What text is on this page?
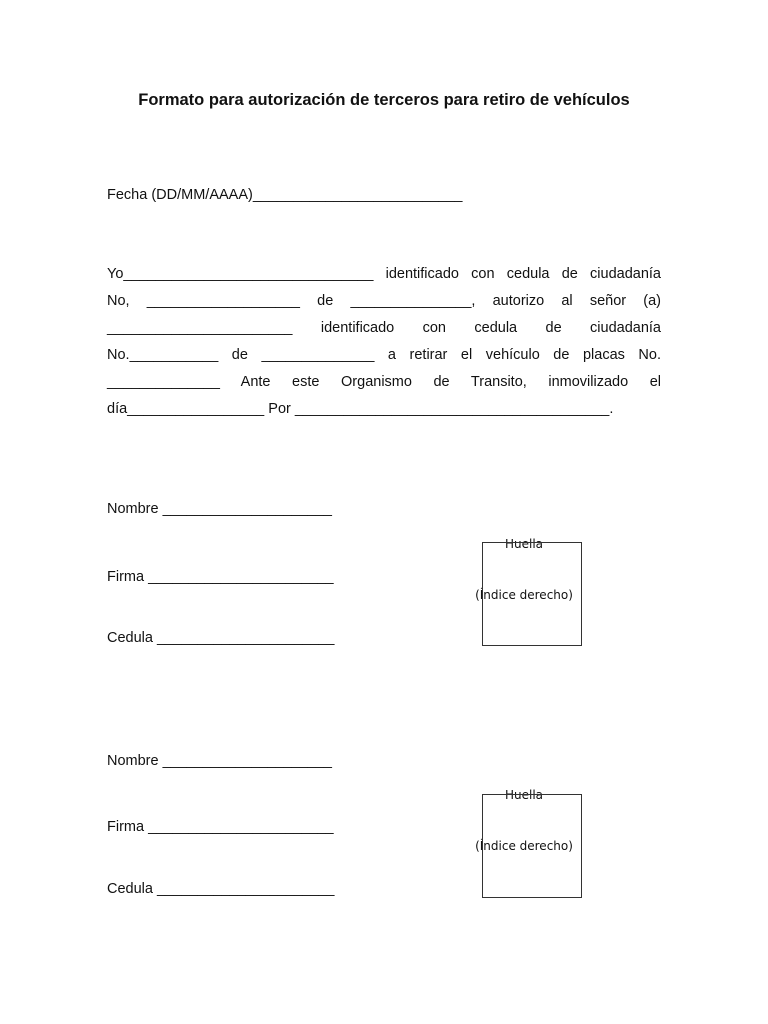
Formato para autorización de terceros para retiro de vehículos
Fecha (DD/MM/AAAA)__________________________
Yo_______________________________ identificado con cedula de ciudadanía
No, ___________________ de _______________, autorizo al señor (a)
_______________________ identificado con cedula de ciudadanía
No.___________ de ______________ a retirar el vehículo de placas No.
______________ Ante este Organismo de Transito, inmovilizado el
día_________________ Por _______________________________________.
Nombre _____________________
Firma _______________________
Cedula ______________________

Huella

(Índice derecho)

Nombre _____________________
Firma _______________________
Cedula ______________________

Huella

(Índice derecho)
